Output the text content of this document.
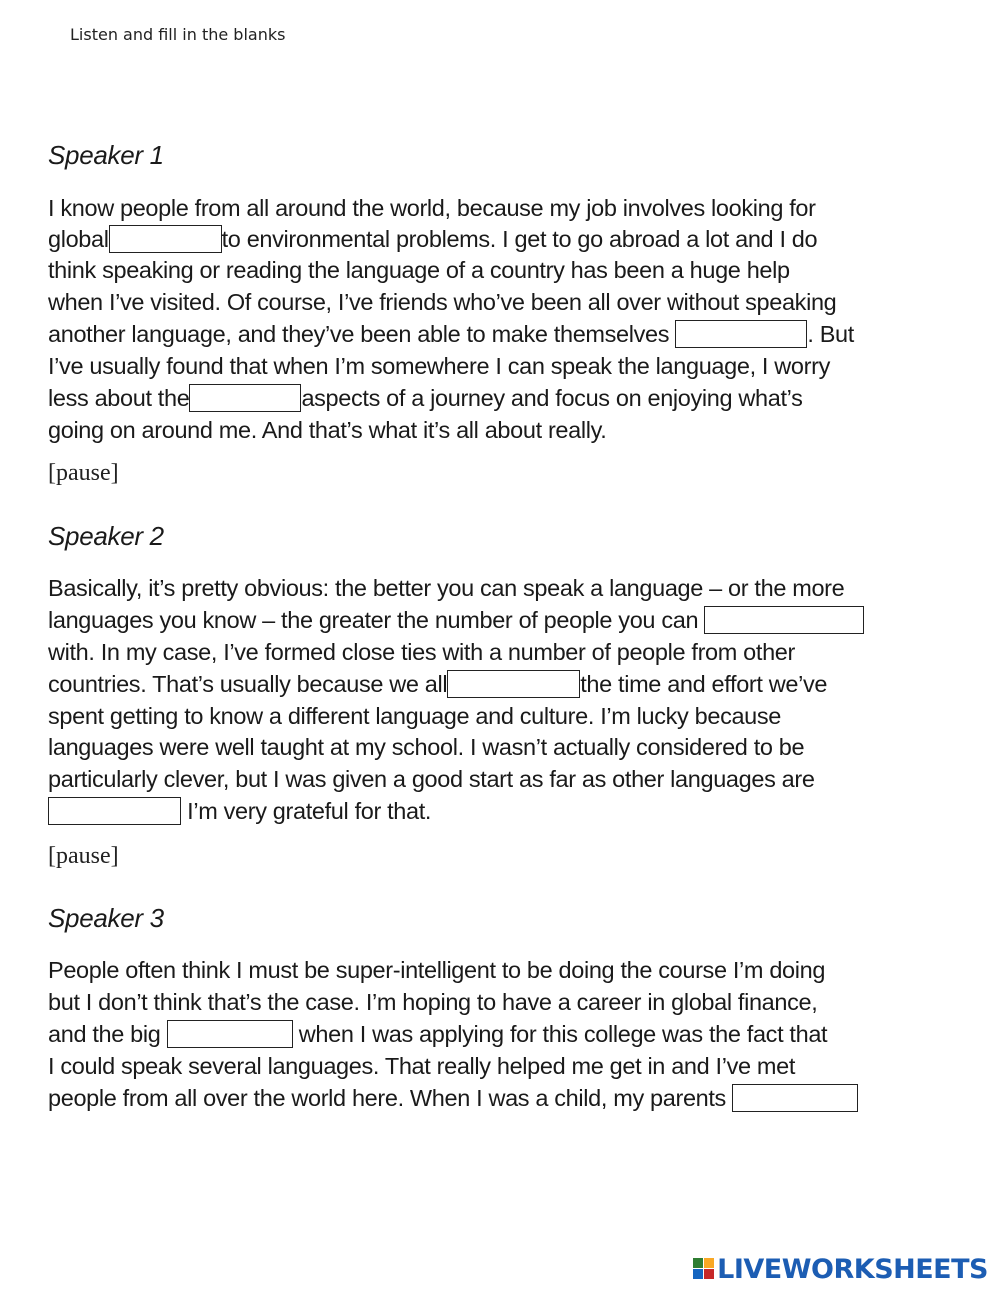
Listen and fill in the blanks
Speaker 1
I know people from all around the world, because my job involves looking for
global	to environmental problems. I get to go abroad a lot and I do
think speaking or reading the language of a country has been a huge help
when I’ve visited. Of course, I’ve friends who’ve been all over without speaking
another language, and they’ve been able to make themselves	. But
I’ve usually found that when I’m somewhere I can speak the language, I worry
less about the	aspects of a journey and focus on enjoying what’s
going on around me. And that’s what it’s all about really.
[pause]
Speaker 2
Basically, it’s pretty obvious: the better you can speak a language – or the more
languages you know – the greater the number of people you can
with. In my case, I’ve formed close ties with a number of people from other
countries. That’s usually because we all	the time and effort we’ve
spent getting to know a different language and culture. I’m lucky because
languages were well taught at my school. I wasn’t actually considered to be
particularly clever, but I was given a good start as far as other languages are
I’m very grateful for that.
[pause]
Speaker 3
People often think I must be super-intelligent to be doing the course I’m doing
but I don’t think that’s the case. I’m hoping to have a career in global finance,
and the big	when I was applying for this college was the fact that
I could speak several languages. That really helped me get in and I’ve met
people from all over the world here. When I was a child, my parents
LIVEWORKSHEETS
